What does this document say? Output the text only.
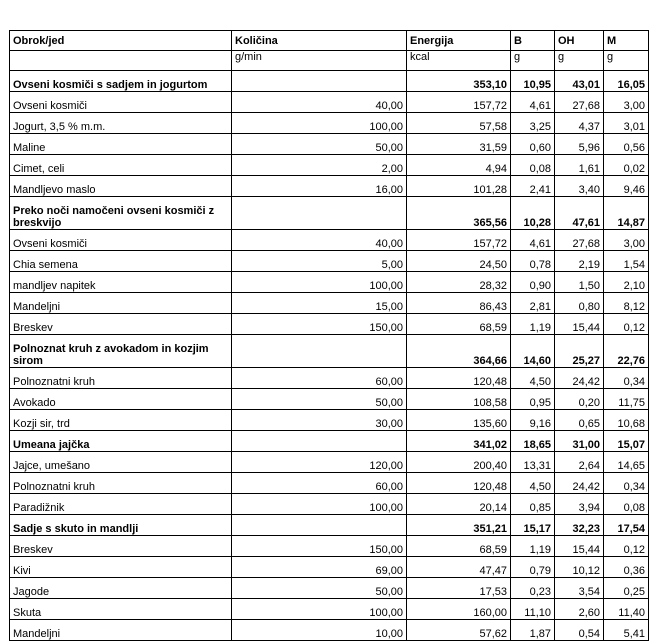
Obrok/jed	Količina	Energija	B	OH	M
	g/min	kcal	g	g	g
Ovseni kosmiči s sadjem in jogurtom		353,10	10,95	43,01	16,05
Ovseni kosmiči	40,00	157,72	4,61	27,68	3,00
Jogurt, 3,5 % m.m.	100,00	57,58	3,25	4,37	3,01
Maline	50,00	31,59	0,60	5,96	0,56
Cimet, celi	2,00	4,94	0,08	1,61	0,02
Mandljevo maslo	16,00	101,28	2,41	3,40	9,46
Preko noči namočeni ovseni kosmiči z breskvijo		365,56	10,28	47,61	14,87
Ovseni kosmiči	40,00	157,72	4,61	27,68	3,00
Chia semena	5,00	24,50	0,78	2,19	1,54
mandljev napitek	100,00	28,32	0,90	1,50	2,10
Mandeljni	15,00	86,43	2,81	0,80	8,12
Breskev	150,00	68,59	1,19	15,44	0,12
Polnoznat kruh z avokadom in kozjim sirom		364,66	14,60	25,27	22,76
Polnoznatni kruh	60,00	120,48	4,50	24,42	0,34
Avokado	50,00	108,58	0,95	0,20	11,75
Kozji sir, trd	30,00	135,60	9,16	0,65	10,68
Umeana jajčka		341,02	18,65	31,00	15,07
Jajce, umešano	120,00	200,40	13,31	2,64	14,65
Polnoznatni kruh	60,00	120,48	4,50	24,42	0,34
Paradižnik	100,00	20,14	0,85	3,94	0,08
Sadje s skuto in mandlji		351,21	15,17	32,23	17,54
Breskev	150,00	68,59	1,19	15,44	0,12
Kivi	69,00	47,47	0,79	10,12	0,36
Jagode	50,00	17,53	0,23	3,54	0,25
Skuta	100,00	160,00	11,10	2,60	11,40
Mandeljni	10,00	57,62	1,87	0,54	5,41
